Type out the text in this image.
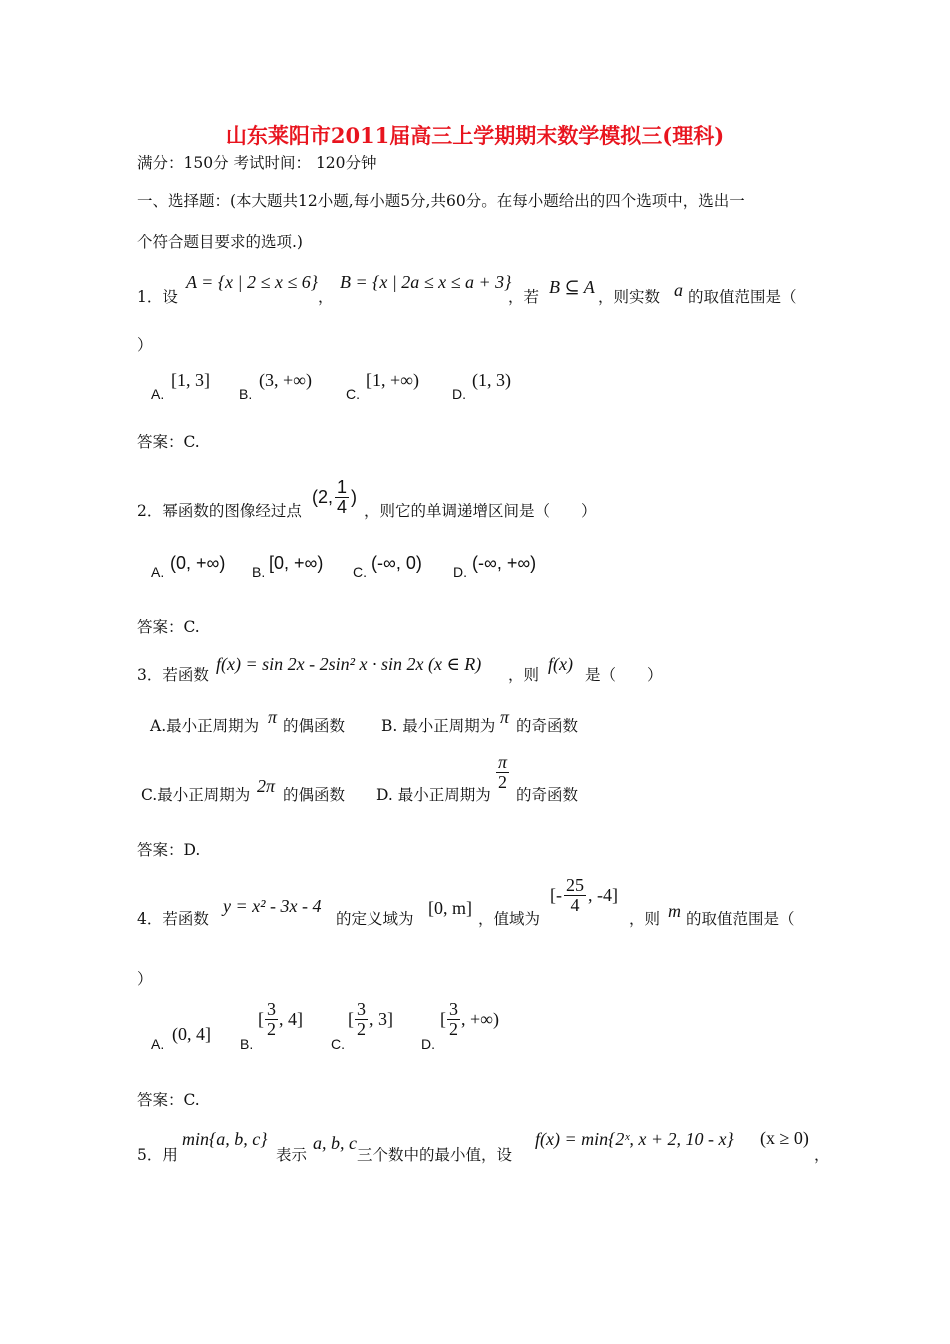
山东莱阳市2011届高三上学期期末数学模拟三(理科)
满分：150分 考试时间： 120分钟
一、选择题：(本大题共12小题,每小题5分,共60分。在每小题给出的四个选项中，选出一
个符合题目要求的选项.)
1．设
A = {x | 2 ≤ x ≤ 6}
，
B = {x | 2a ≤ x ≤ a + 3}
，若 B ⊆ A ，则实数 a 的取值范围是（
）
A.
[1, 3]
B.
(3, +∞)
C.
[1, +∞)
D.
(1, 3)
答案：C.
2．幂函数的图像经过点
(2, $\frac{1}{4}$ )
，则它的单调递增区间是（　　）
A. (0, +∞) B. [0, +∞) C. (-∞, 0) D. (-∞, +∞)
答案：C.
3．若函数
f(x) = sin 2x - 2sin² x · sin 2x (x ∈ R)
，则
f(x)
是（　　）
A.最小正周期为 π 的偶函数 B. 最小正周期为 π 的奇函数
C.最小正周期为 2π 的偶函数 D. 最小正周期为
$\frac{\pi}{2}$
的奇函数
答案：D.
4．若函数
y = x² - 3x - 4
的定义域为
[0, m]
，值域为
[- $\frac{25}{4}$ , -4]
，则 m 的取值范围是（
）
A. (0, 4] B.
[ $\frac{3}{2}$ , 4]
C.
[ $\frac{3}{2}$ , 3]
D.
[ $\frac{3}{2}$ , +∞)
答案：C.
5．用
min{a, b, c}
表示
a, b, c
三个数中的最小值，设
f(x) = min{2ˣ, x + 2, 10 - x} (x ≥ 0)
，
